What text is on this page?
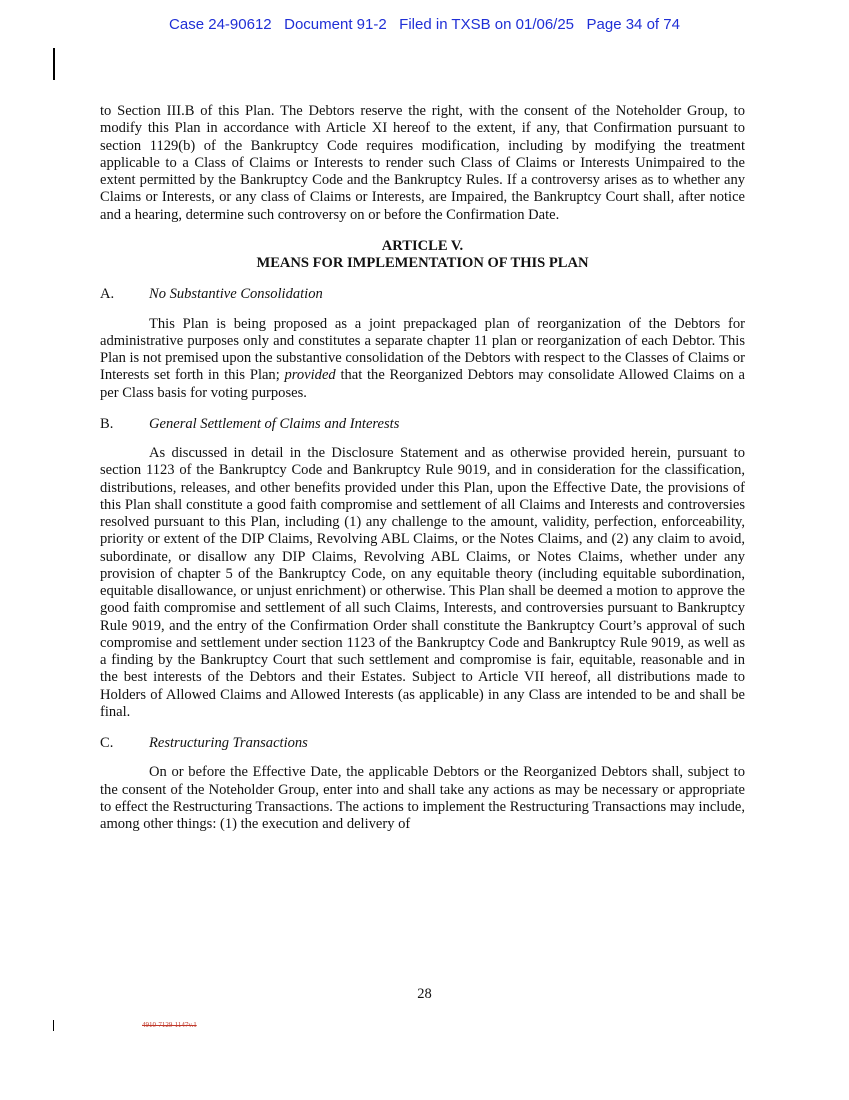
Case 24-90612   Document 91-2   Filed in TXSB on 01/06/25   Page 34 of 74

to Section III.B of this Plan. The Debtors reserve the right, with the consent of the Noteholder Group, to modify this Plan in accordance with Article XI hereof to the extent, if any, that Confirmation pursuant to section 1129(b) of the Bankruptcy Code requires modification, including by modifying the treatment applicable to a Class of Claims or Interests to render such Class of Claims or Interests Unimpaired to the extent permitted by the Bankruptcy Code and the Bankruptcy Rules. If a controversy arises as to whether any Claims or Interests, or any class of Claims or Interests, are Impaired, the Bankruptcy Court shall, after notice and a hearing, determine such controversy on or before the Confirmation Date.

ARTICLE V.
MEANS FOR IMPLEMENTATION OF THIS PLAN
A.	No Substantive Consolidation

This Plan is being proposed as a joint prepackaged plan of reorganization of the Debtors for administrative purposes only and constitutes a separate chapter 11 plan or reorganization of each Debtor. This Plan is not premised upon the substantive consolidation of the Debtors with respect to the Classes of Claims or Interests set forth in this Plan; provided that the Reorganized Debtors may consolidate Allowed Claims on a per Class basis for voting purposes.

B.	General Settlement of Claims and Interests

As discussed in detail in the Disclosure Statement and as otherwise provided herein, pursuant to section 1123 of the Bankruptcy Code and Bankruptcy Rule 9019, and in consideration for the classification, distributions, releases, and other benefits provided under this Plan, upon the Effective Date, the provisions of this Plan shall constitute a good faith compromise and settlement of all Claims and Interests and controversies resolved pursuant to this Plan, including (1) any challenge to the amount, validity, perfection, enforceability, priority or extent of the DIP Claims, Revolving ABL Claims, or the Notes Claims, and (2) any claim to avoid, subordinate, or disallow any DIP Claims, Revolving ABL Claims, or Notes Claims, whether under any provision of chapter 5 of the Bankruptcy Code, on any equitable theory (including equitable subordination, equitable disallowance, or unjust enrichment) or otherwise. This Plan shall be deemed a motion to approve the good faith compromise and settlement of all such Claims, Interests, and controversies pursuant to Bankruptcy Rule 9019, and the entry of the Confirmation Order shall constitute the Bankruptcy Court’s approval of such compromise and settlement under section 1123 of the Bankruptcy Code and Bankruptcy Rule 9019, as well as a finding by the Bankruptcy Court that such settlement and compromise is fair, equitable, reasonable and in the best interests of the Debtors and their Estates. Subject to Article VII hereof, all distributions made to Holders of Allowed Claims and Allowed Interests (as applicable) in any Class are intended to be and shall be final.

C.	Restructuring Transactions

On or before the Effective Date, the applicable Debtors or the Reorganized Debtors shall, subject to the consent of the Noteholder Group, enter into and shall take any actions as may be necessary or appropriate to effect the Restructuring Transactions. The actions to implement the Restructuring Transactions may include, among other things: (1) the execution and delivery of

28
4910-7129-1147v.1
